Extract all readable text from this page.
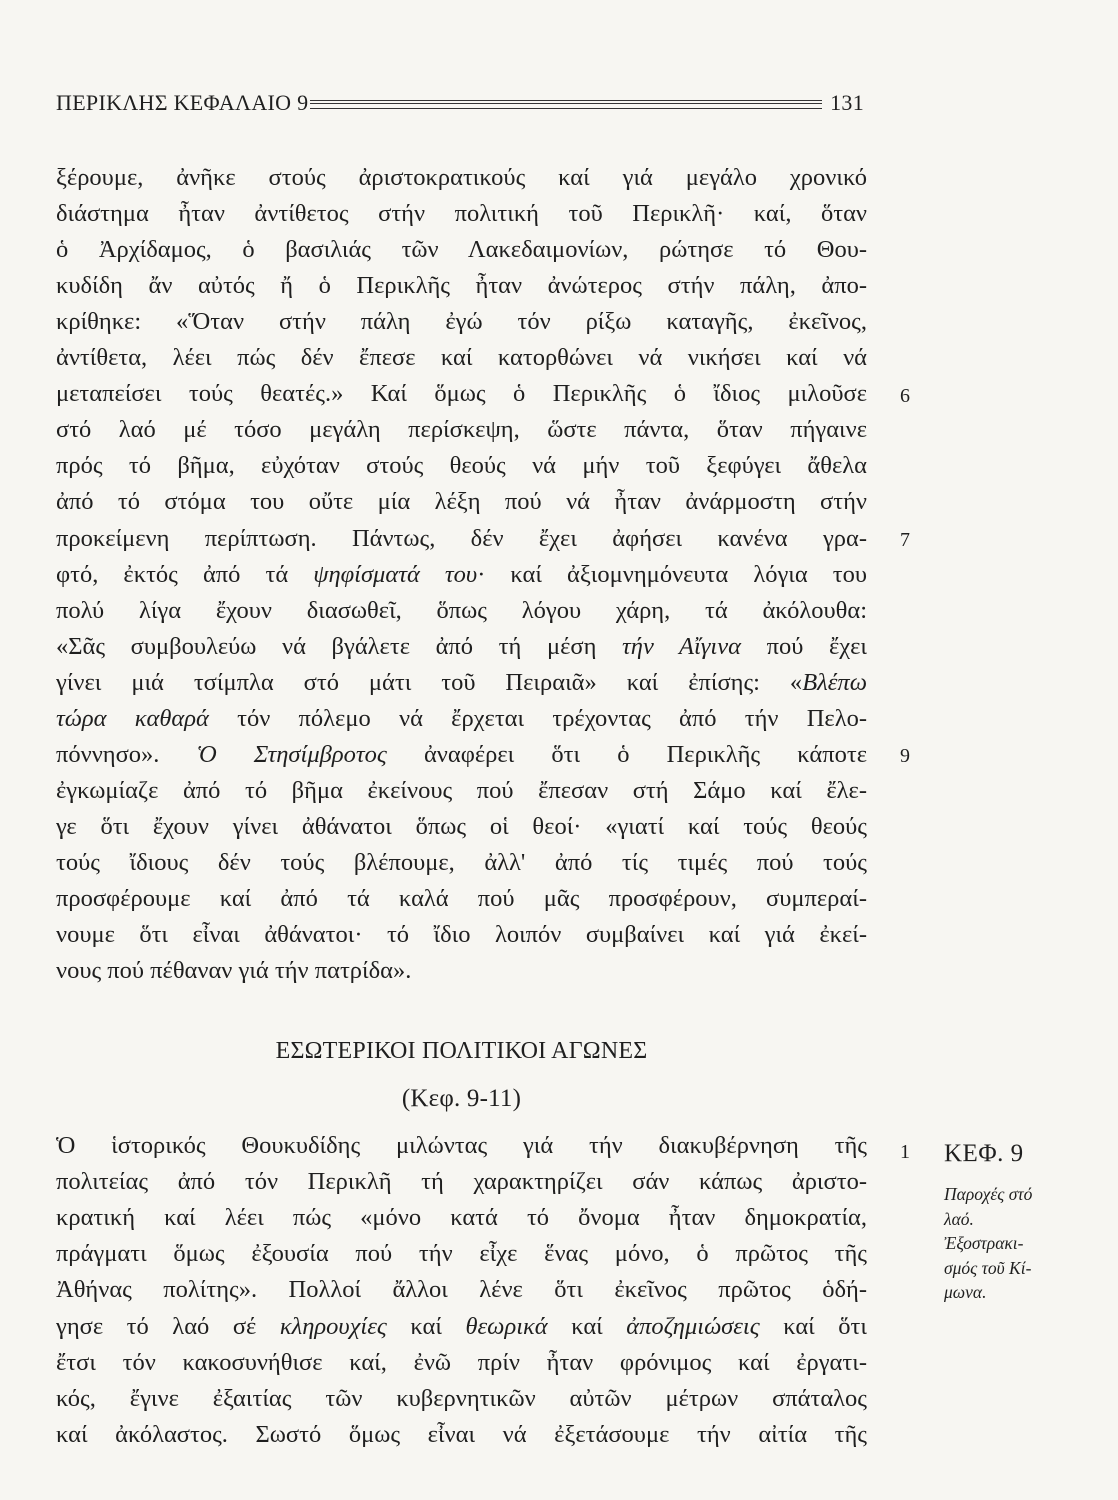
ΠΕΡΙΚΛΗΣ ΚΕΦΑΛΑΙΟ 9	131
ξέρουμε, ἀνῆκε στούς ἀριστοκρατικούς καί γιά μεγάλο χρονικό
διάστημα ἦταν ἀντίθετος στήν πολιτική τοῦ Περικλῆ· καί, ὅταν
ὁ Ἀρχίδαμος, ὁ βασιλιάς τῶν Λακεδαιμονίων, ρώτησε τό Θου-
κυδίδη ἄν αὐτός ἤ ὁ Περικλῆς ἦταν ἀνώτερος στήν πάλη, ἀπο-
κρίθηκε: «Ὅταν στήν πάλη ἐγώ τόν ρίξω καταγῆς, ἐκεῖνος,
ἀντίθετα, λέει πώς δέν ἔπεσε καί κατορθώνει νά νικήσει καί νά
μεταπείσει τούς θεατές.» Καί ὅμως ὁ Περικλῆς ὁ ἴδιος μιλοῦσε
στό λαό μέ τόσο μεγάλη περίσκεψη, ὥστε πάντα, ὅταν πήγαινε
πρός τό βῆμα, εὐχόταν στούς θεούς νά μήν τοῦ ξεφύγει ἄθελα
ἀπό τό στόμα του οὔτε μία λέξη πού νά ἦταν ἀνάρμοστη στήν
προκείμενη περίπτωση. Πάντως, δέν ἔχει ἀφήσει κανένα γρα-
φτό, ἐκτός ἀπό τά ψηφίσματά του· καί ἀξιομνημόνευτα λόγια του
πολύ λίγα ἔχουν διασωθεῖ, ὅπως λόγου χάρη, τά ἀκόλουθα:
«Σᾶς συμβουλεύω νά βγάλετε ἀπό τή μέση τήν Αἴγινα πού ἔχει
γίνει μιά τσίμπλα στό μάτι τοῦ Πειραιᾶ» καί ἐπίσης: «Βλέπω
τώρα καθαρά τόν πόλεμο νά ἔρχεται τρέχοντας ἀπό τήν Πελο-
πόννησο». Ὁ Στησίμβροτος ἀναφέρει ὅτι ὁ Περικλῆς κάποτε
ἐγκωμίαζε ἀπό τό βῆμα ἐκείνους πού ἔπεσαν στή Σάμο καί ἔλε-
γε ὅτι ἔχουν γίνει ἀθάνατοι ὅπως οἱ θεοί· «γιατί καί τούς θεούς
τούς ἴδιους δέν τούς βλέπουμε, ἀλλ' ἀπό τίς τιμές πού τούς
προσφέρουμε καί ἀπό τά καλά πού μᾶς προσφέρουν, συμπεραί-
νουμε ὅτι εἶναι ἀθάνατοι· τό ἴδιο λοιπόν συμβαίνει καί γιά ἐκεί-
νους πού πέθαναν γιά τήν πατρίδα».
Ὁ ἱστορικός Θουκυδίδης μιλώντας γιά τήν διακυβέρνηση τῆς
πολιτείας ἀπό τόν Περικλῆ τή χαρακτηρίζει σάν κάπως ἀριστο-
κρατική καί λέει πώς «μόνο κατά τό ὄνομα ἦταν δημοκρατία,
πράγματι ὅμως ἐξουσία πού τήν εἶχε ἕνας μόνο, ὁ πρῶτος τῆς
Ἀθήνας πολίτης». Πολλοί ἄλλοι λένε ὅτι ἐκεῖνος πρῶτος ὁδή-
γησε τό λαό σέ κληρουχίες καί θεωρικά καί ἀποζημιώσεις καί ὅτι
ἔτσι τόν κακοσυνήθισε καί, ἐνῶ πρίν ἦταν φρόνιμος καί ἐργατι-
κός, ἔγινε ἐξαιτίας τῶν κυβερνητικῶν αὐτῶν μέτρων σπάταλος
καί ἀκόλαστος. Σωστό ὅμως εἶναι νά ἐξετάσουμε τήν αἰτία τῆς
6
7
9
1
ΕΣΩΤΕΡΙΚΟΙ ΠΟΛΙΤΙΚΟΙ ΑΓΩΝΕΣ
(Κεφ. 9-11)
ΚΕΦ. 9
Παροχές στό
λαό.
Ἐξοστρακι-
σμός τοῦ Κί-
μωνα.
